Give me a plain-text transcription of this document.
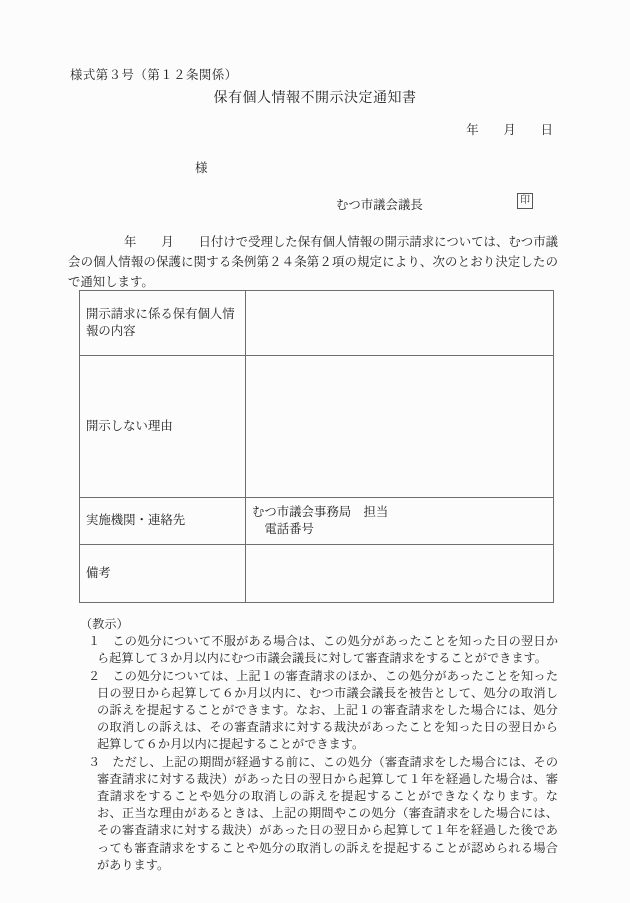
様式第３号（第１２条関係）
保有個人情報不開示決定通知書
年　　月　　日
様
むつ市議会議長	印

年　　月　　日付けで受理した保有個人情報の開示請求については、むつ市議会の個人情報の保護に関する条例第２４条第２項の規定により、次のとおり決定したので通知します。

開示請求に係る保有個人情報の内容	
開示しない理由	
実施機関・連絡先	むつ市議会事務局　担当
　電話番号

備考	
（教示）
１ この処分について不服がある場合は、この処分があったことを知った日の翌日から起算して３か月以内にむつ市議会議長に対して審査請求をすることができます。
２ この処分については、上記１の審査請求のほか、この処分があったことを知った日の翌日から起算して６か月以内に、むつ市議会議長を被告として、処分の取消しの訴えを提起することができます。なお、上記１の審査請求をした場合には、処分の取消しの訴えは、その審査請求に対する裁決があったことを知った日の翌日から起算して６か月以内に提起することができます。
３ ただし、上記の期間が経過する前に、この処分（審査請求をした場合には、その審査請求に対する裁決）があった日の翌日から起算して１年を経過した場合は、審査請求をすることや処分の取消しの訴えを提起することができなくなります。なお、正当な理由があるときは、上記の期間やこの処分（審査請求をした場合には、その審査請求に対する裁決）があった日の翌日から起算して１年を経過した後であっても審査請求をすることや処分の取消しの訴えを提起することが認められる場合があります。
